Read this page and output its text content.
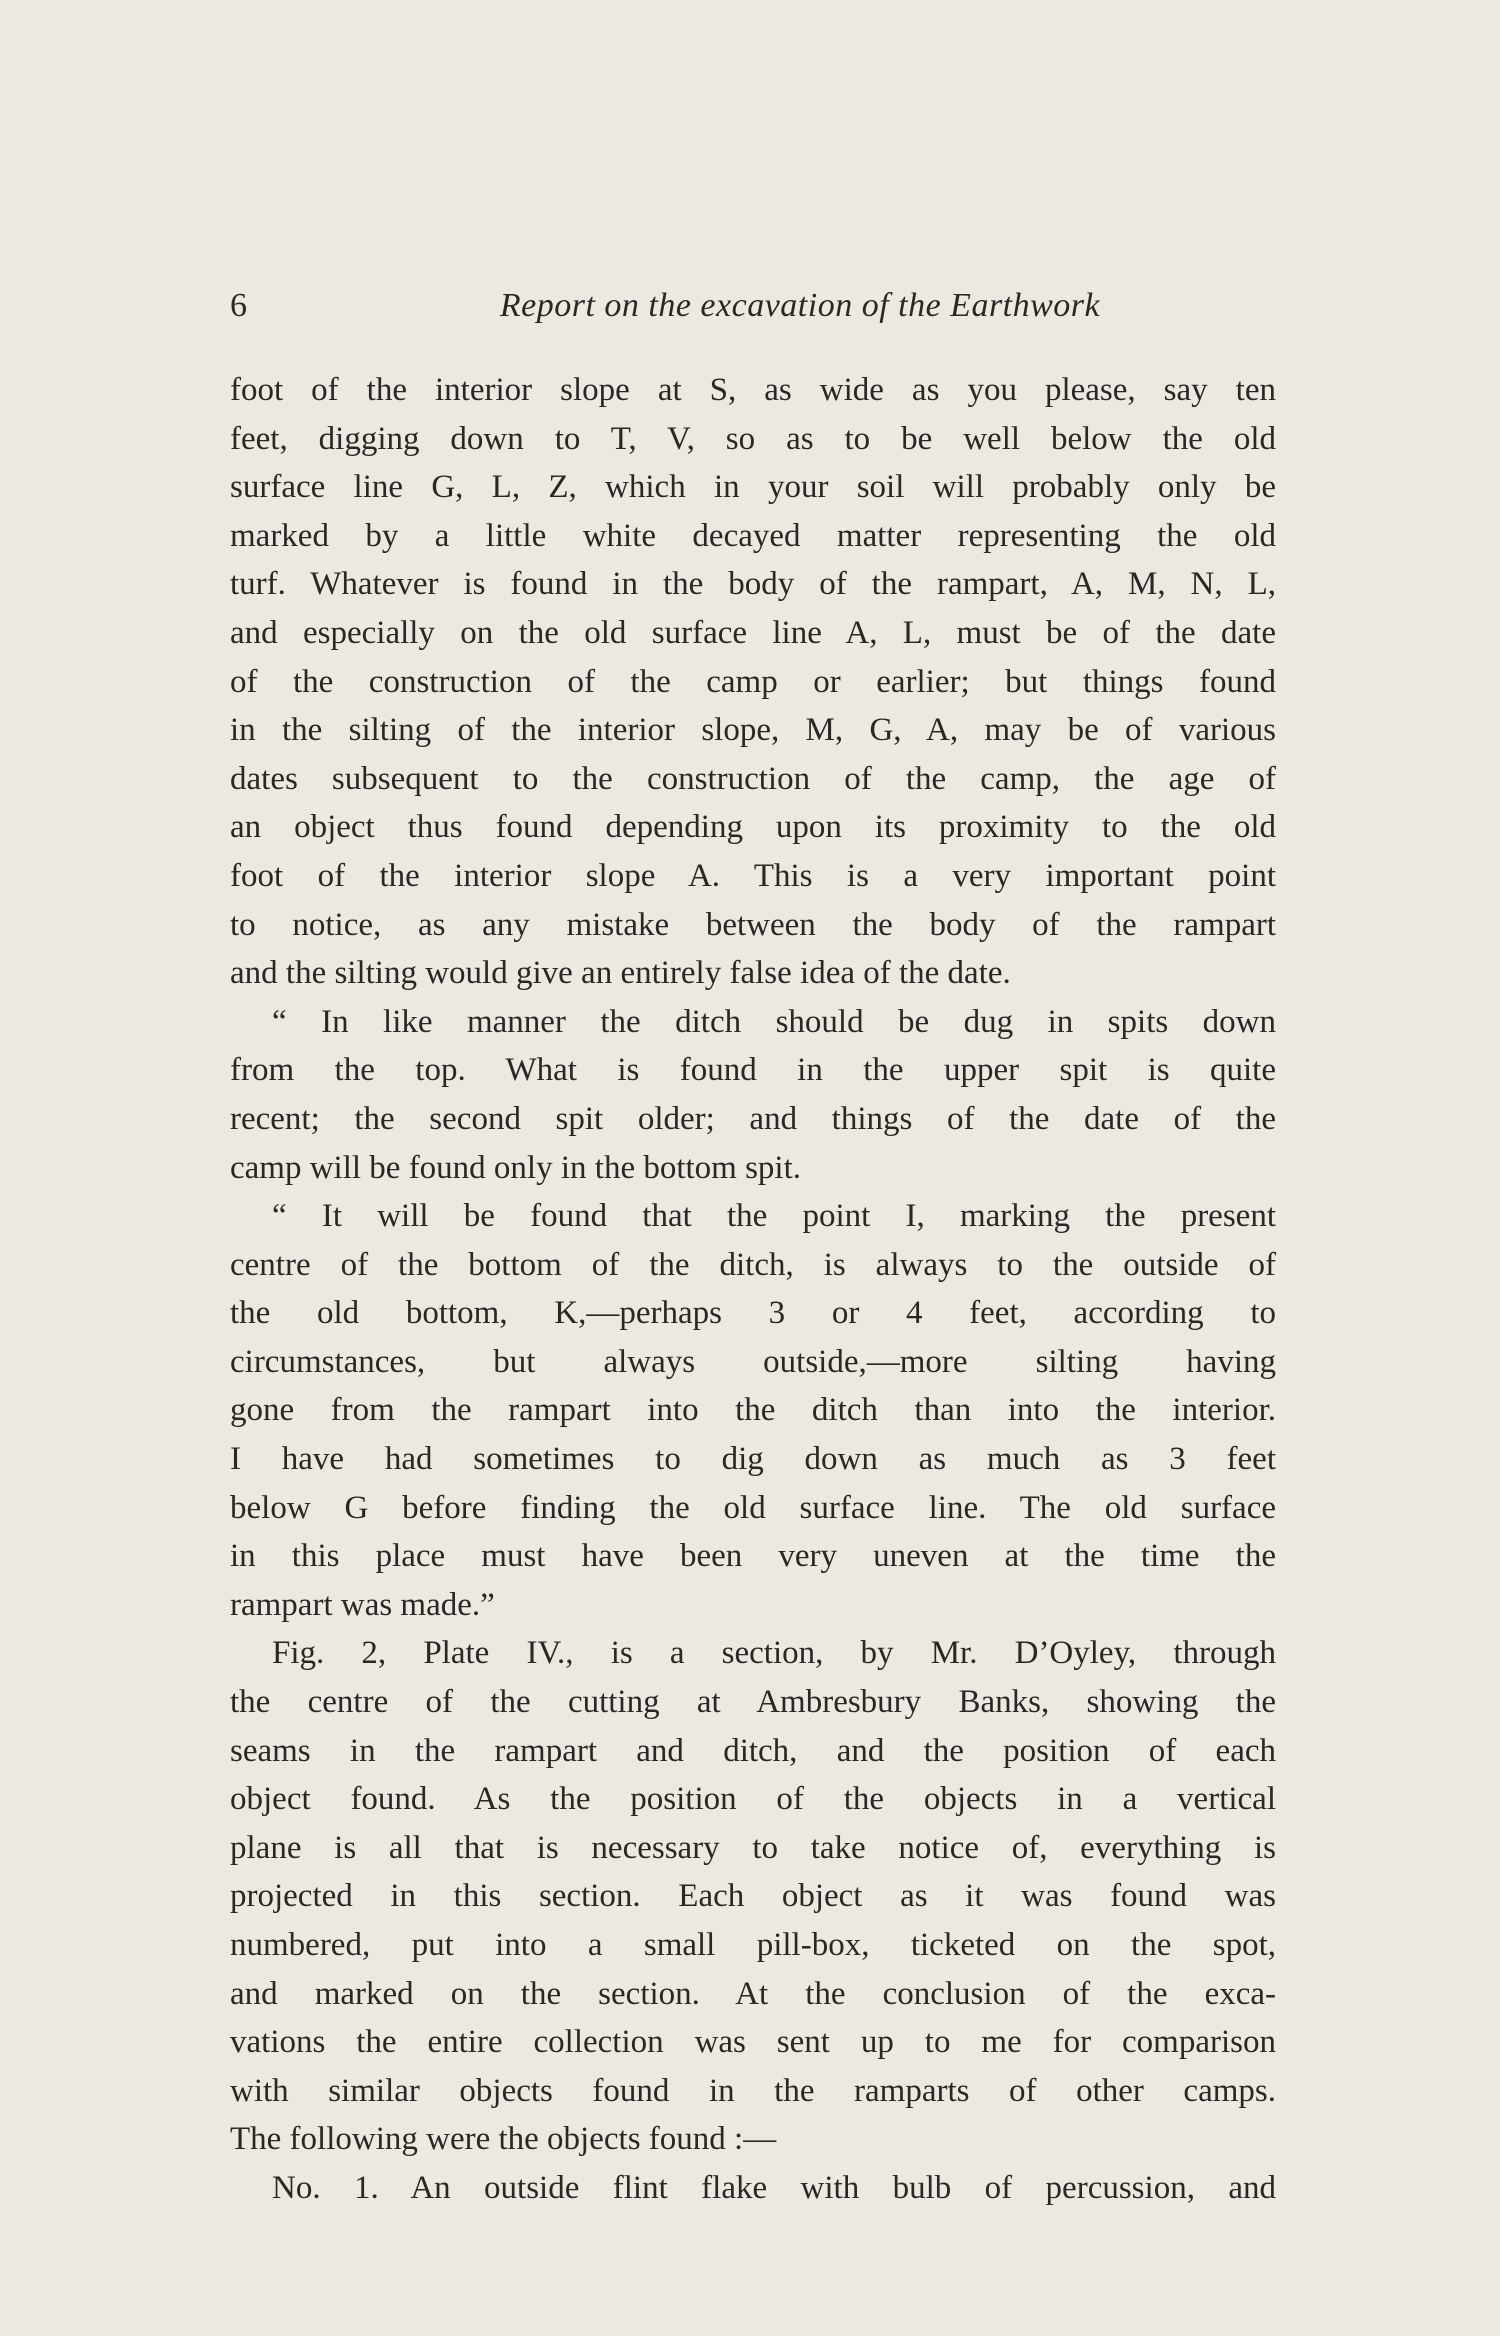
6	Report on the excavation of the Earthwork
foot of the interior slope at S, as wide as you please, say ten
feet, digging down to T, V, so as to be well below the old
surface line G, L, Z, which in your soil will probably only be
marked by a little white decayed matter representing the old
turf. Whatever is found in the body of the rampart, A, M, N, L,
and especially on the old surface line A, L, must be of the date
of the construction of the camp or earlier; but things found
in the silting of the interior slope, M, G, A, may be of various
dates subsequent to the construction of the camp, the age of
an object thus found depending upon its proximity to the old
foot of the interior slope A. This is a very important point
to notice, as any mistake between the body of the rampart
and the silting would give an entirely false idea of the date.
“ In like manner the ditch should be dug in spits down
from the top. What is found in the upper spit is quite
recent; the second spit older; and things of the date of the
camp will be found only in the bottom spit.
“ It will be found that the point I, marking the present
centre of the bottom of the ditch, is always to the outside of
the old bottom, K,—perhaps 3 or 4 feet, according to
circumstances, but always outside,—more silting having
gone from the rampart into the ditch than into the interior.
I have had sometimes to dig down as much as 3 feet
below G before finding the old surface line. The old surface
in this place must have been very uneven at the time the
rampart was made.”
Fig. 2, Plate IV., is a section, by Mr. D’Oyley, through
the centre of the cutting at Ambresbury Banks, showing the
seams in the rampart and ditch, and the position of each
object found. As the position of the objects in a vertical
plane is all that is necessary to take notice of, everything is
projected in this section. Each object as it was found was
numbered, put into a small pill-box, ticketed on the spot,
and marked on the section. At the conclusion of the exca-
vations the entire collection was sent up to me for comparison
with similar objects found in the ramparts of other camps.
The following were the objects found :—
No. 1. An outside flint flake with bulb of percussion, and
